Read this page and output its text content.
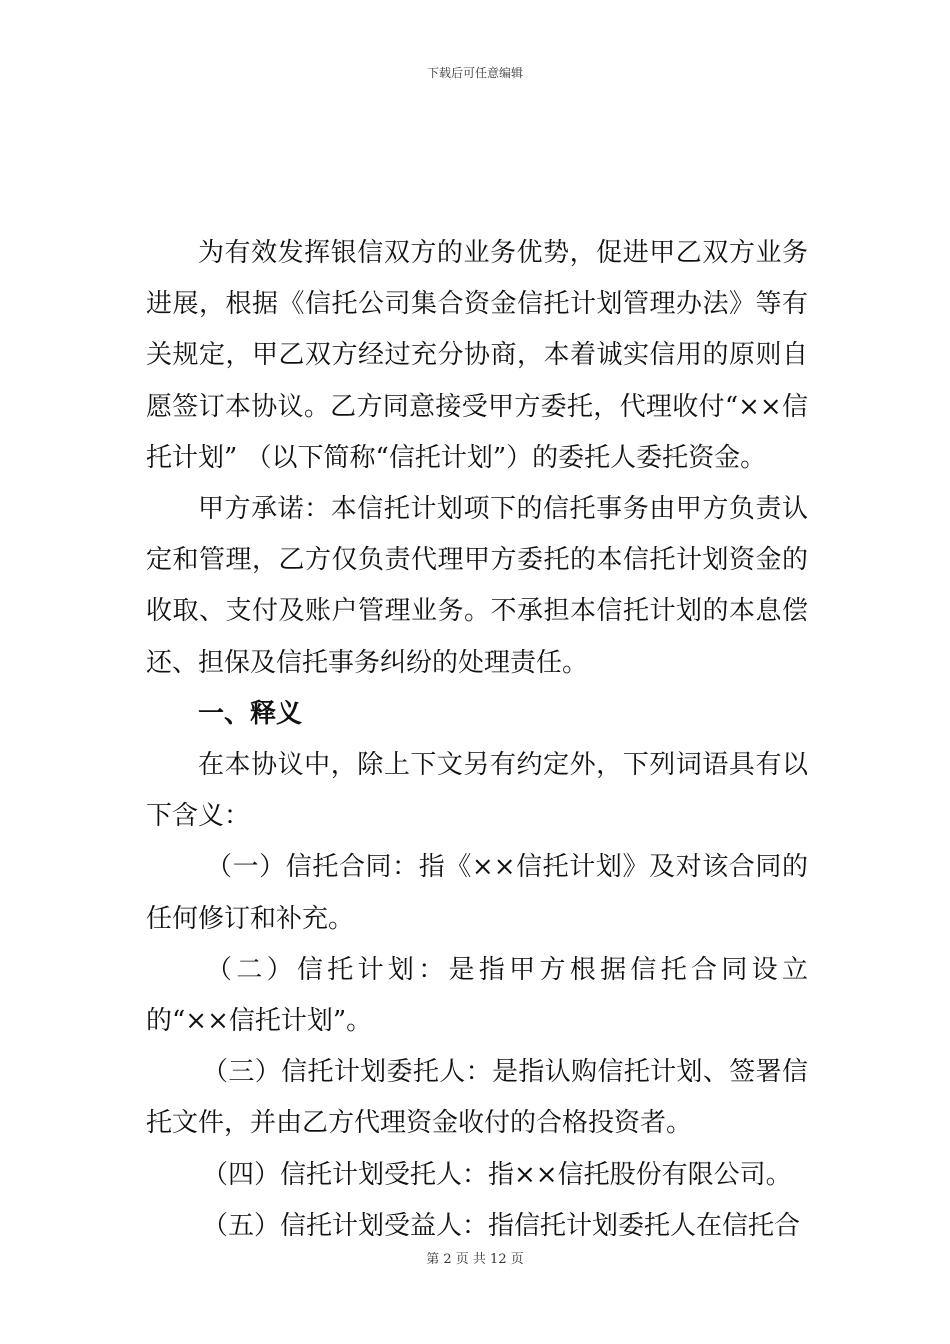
下载后可任意编辑

为有效发挥银信双方的业务优势，促进甲乙双方业务进展，根据《信托公司集合资金信托计划管理办法》等有关规定，甲乙双方经过充分协商，本着诚实信用的原则自愿签订本协议。乙方同意接受甲方委托，代理收付“××信托计划” （以下简称“信托计划”）的委托人委托资金。

甲方承诺：本信托计划项下的信托事务由甲方负责认定和管理，乙方仅负责代理甲方委托的本信托计划资金的收取、支付及账户管理业务。不承担本信托计划的本息偿还、担保及信托事务纠纷的处理责任。

一、释义

在本协议中，除上下文另有约定外，下列词语具有以下含义：

（一）信托合同：指《××信托计划》及对该合同的任何修订和补充。

（二）信托计划：是指甲方根据信托合同设立的“××信托计划”。

（三）信托计划委托人：是指认购信托计划、签署信托文件，并由乙方代理资金收付的合格投资者。

（四）信托计划受托人：指××信托股份有限公司。

（五）信托计划受益人：指信托计划委托人在信托合

第 2 页 共 12 页
